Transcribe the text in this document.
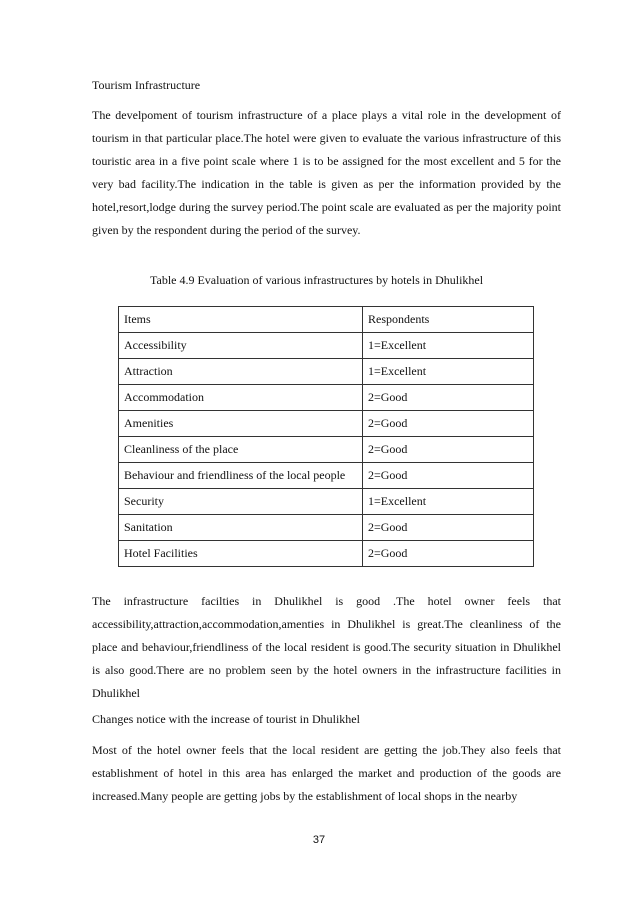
Tourism Infrastructure

The develpoment of tourism infrastructure of a place plays a vital role in the development of tourism in that particular place.The hotel were given to evaluate the various infrastructure of this touristic area in a five point scale where 1 is to be assigned for the most excellent and 5 for the very bad facility.The indication in the table is given as per the information provided by the hotel,resort,lodge during the survey period.The point scale are evaluated as per the majority point given by the respondent during the period of the survey.

Table 4.9 Evaluation of various infrastructures by hotels in Dhulikhel
Items	Respondents
Accessibility	1=Excellent
Attraction	1=Excellent
Accommodation	2=Good
Amenities	2=Good
Cleanliness of the place	2=Good
Behaviour and friendliness of the local people	2=Good
Security	1=Excellent
Sanitation	2=Good
Hotel Facilities	2=Good

The infrastructure facilties in Dhulikhel is good .The hotel owner feels that accessibility,attraction,accommodation,amenties in Dhulikhel is great.The cleanliness of the place and behaviour,friendliness of the local resident is good.The security situation in Dhulikhel is also good.There are no problem seen by the hotel owners in the infrastructure facilities in Dhulikhel

Changes notice with the increase of tourist in Dhulikhel

Most of the hotel owner feels that the local resident are getting the job.They also feels that establishment of hotel in this area has enlarged the market and production of the goods are increased.Many people are getting jobs by the establishment of local shops in the nearby

37
